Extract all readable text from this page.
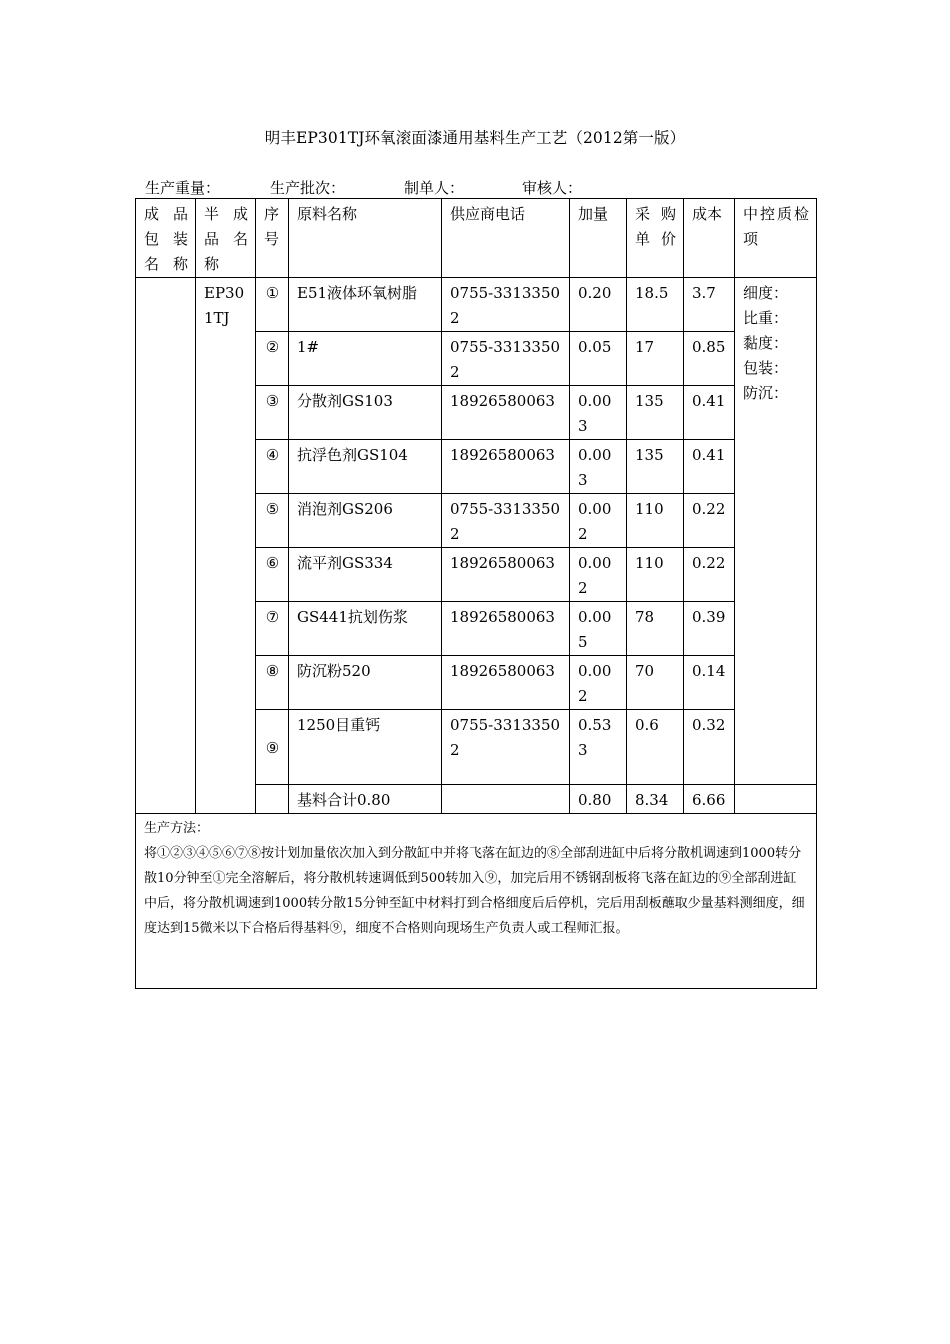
明丰EP301TJ环氧滚面漆通用基料生产工艺（2012第一版）
生产重量：	生产批次：	制单人：	审核人：
成品包装名称	半成品名称	序号	原料名称	供应商电话	加量	采购单价	成本	中控质检项
	EP301TJ	①	E51液体环氧树脂	0755-33133502	0.20	18.5	3.7	细度：
比重：
黏度：
包装：
防沉：

		②	1#	0755-33133502	0.05	17	0.85	
		③	分散剂GS103	18926580063	0.003	135	0.41	
		④	抗浮色剂GS104	18926580063	0.003	135	0.41	
		⑤	消泡剂GS206	0755-33133502	0.002	110	0.22	
		⑥	流平剂GS334	18926580063	0.002	110	0.22	
		⑦	GS441抗划伤浆	18926580063	0.005	78	0.39	
		⑧	防沉粉520	18926580063	0.002	70	0.14	
		⑨	1250目重钙	0755-33133502	0.533	0.6	0.32	
			基料合计0.80		0.80	8.34	6.66	

生产方法：
将①②③④⑤⑥⑦⑧按计划加量依次加入到分散缸中并将飞落在缸边的⑧全部刮进缸中后将分散机调速到1000转分散10分钟至①完全溶解后，将分散机转速调低到500转加入⑨，加完后用不锈钢刮板将飞落在缸边的⑨全部刮进缸中后，将分散机调速到1000转分散15分钟至缸中材料打到合格细度后后停机，完后用刮板蘸取少量基料测细度，细度达到15微米以下合格后得基料⑨，细度不合格则向现场生产负责人或工程师汇报。								
